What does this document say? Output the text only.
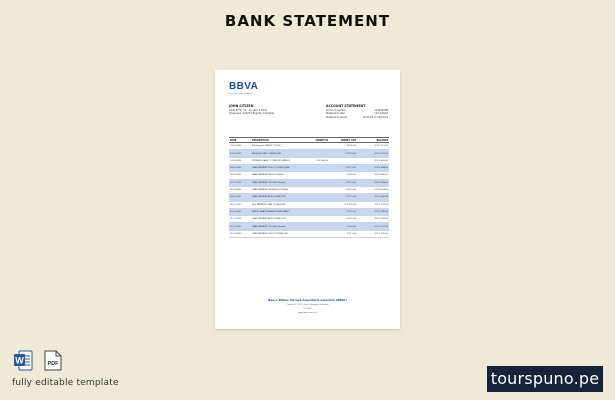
BANK STATEMENT
BBVA
Creando Oportunidades
JOHN CITIZEN
Calle 67 N° 13 - 21, Piso 2 Torre
Chapinero, 110231 Bogotá, Colombia
ACCOUNT STATEMENT
Account number	123456789
Statement date	11/11/2022
Statement period	10/11/22 to 10/11/22
DATE	DESCRIPTION	MONEY IN	MONEY OUT	BALANCE
13.10.2022	Bill Payment DIRECT TOP-UP		COP 90.00	COP 1,711.00
13.10.2022	ANTHONY SMIT CONTROLFIN		COP 10.00	COP 1,701.00
13.10.2022	STRIDER LOANS CO CREDITO-MERLIN	COP 360.00		COP 2,061.00
14.10.2022	CARD PAYMENT TESCO STORES 3438		COP 17.00	COP 2,044.00
18.10.2022	CARD PAYMENT TESCO STORES		COP 8.00	COP 2,036.00
20.10.2022	CARD PAYMENT GOOGLE Youtube		COP 12.00	COP 2,024.00
25.10.2022	CARD PAYMENT DUCHESS GUTTERS		COP 10.00	COP 2,014.00
28.10.2022	CARD PAYMENT ALDI STORES LTD		COP 10.00	COP 2,004.00
02.11.2022	BILL PAYMENT LOAN OF SALFORD		COP 247.00	COP 1,757.00
05.11.2022	DIRECT DEBIT GREEN STORES DIRECT		COP 9.00	COP 1,748.00
21.11.2022	CARD PAYMENT ALDI STORES LTD		COP 5.00	COP 1,743.00
25.11.2022	CARD PAYMENT GOOGLE Youtube		COP 6.00	COP 1,737.00
11.11.2022	CARD PAYMENT TESCO STORES LTD		COP 7.00	COP 1,730.00
Banco Bilbao Vizcaya Argentaria Colombia (BBVA)
Carrera 9 72-21, Piso 5, Bogotá, Colombia
01 8000
www.bbva.com.co
W	PDF
fully editable template	tourspuno.pe
